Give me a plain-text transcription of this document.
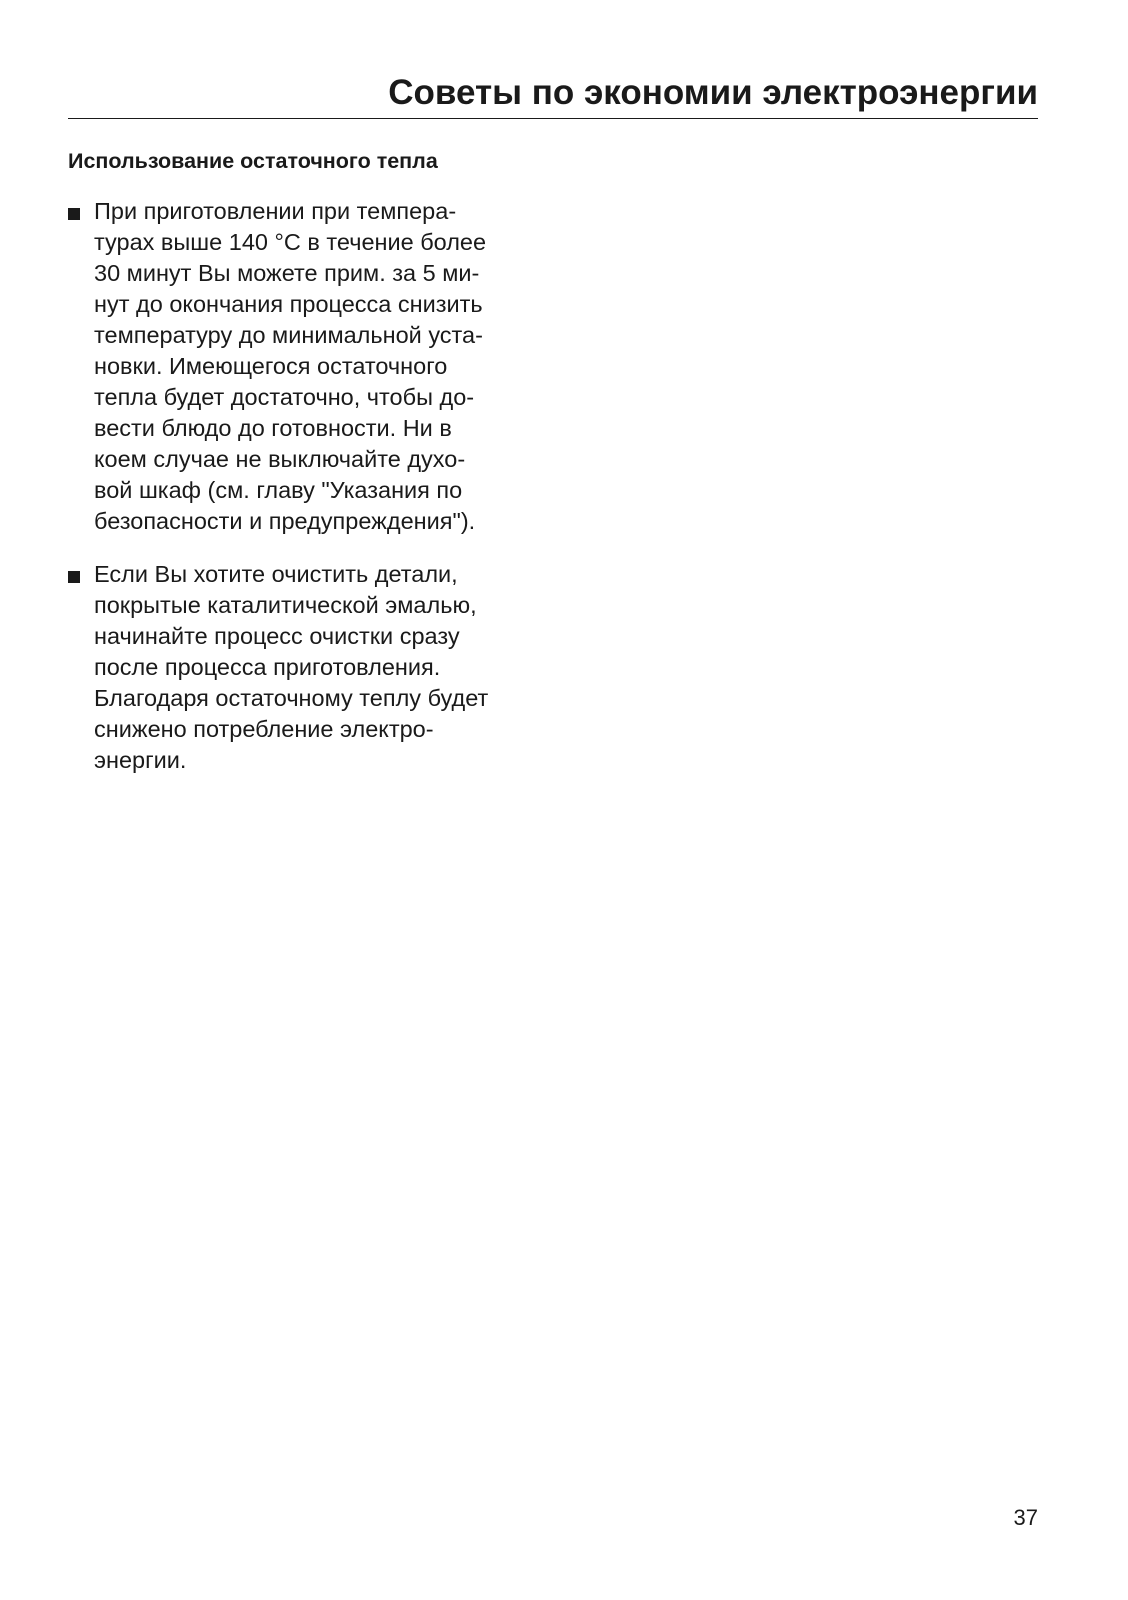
Советы по экономии электроэнергии
Использование остаточного тепла
При приготовлении при темпера-
турах выше 140 °C в течение более
30 минут Вы можете прим. за 5 ми-
нут до окончания процесса снизить
температуру до минимальной уста-
новки. Имеющегося остаточного
тепла будет достаточно, чтобы до-
вести блюдо до готовности. Ни в
коем случае не выключайте духо-
вой шкаф (см. главу "Указания по
безопасности и предупреждения").
Если Вы хотите очистить детали,
покрытые каталитической эмалью,
начинайте процесс очистки сразу
после процесса приготовления.
Благодаря остаточному теплу будет
снижено потребление электро-
энергии.
37
